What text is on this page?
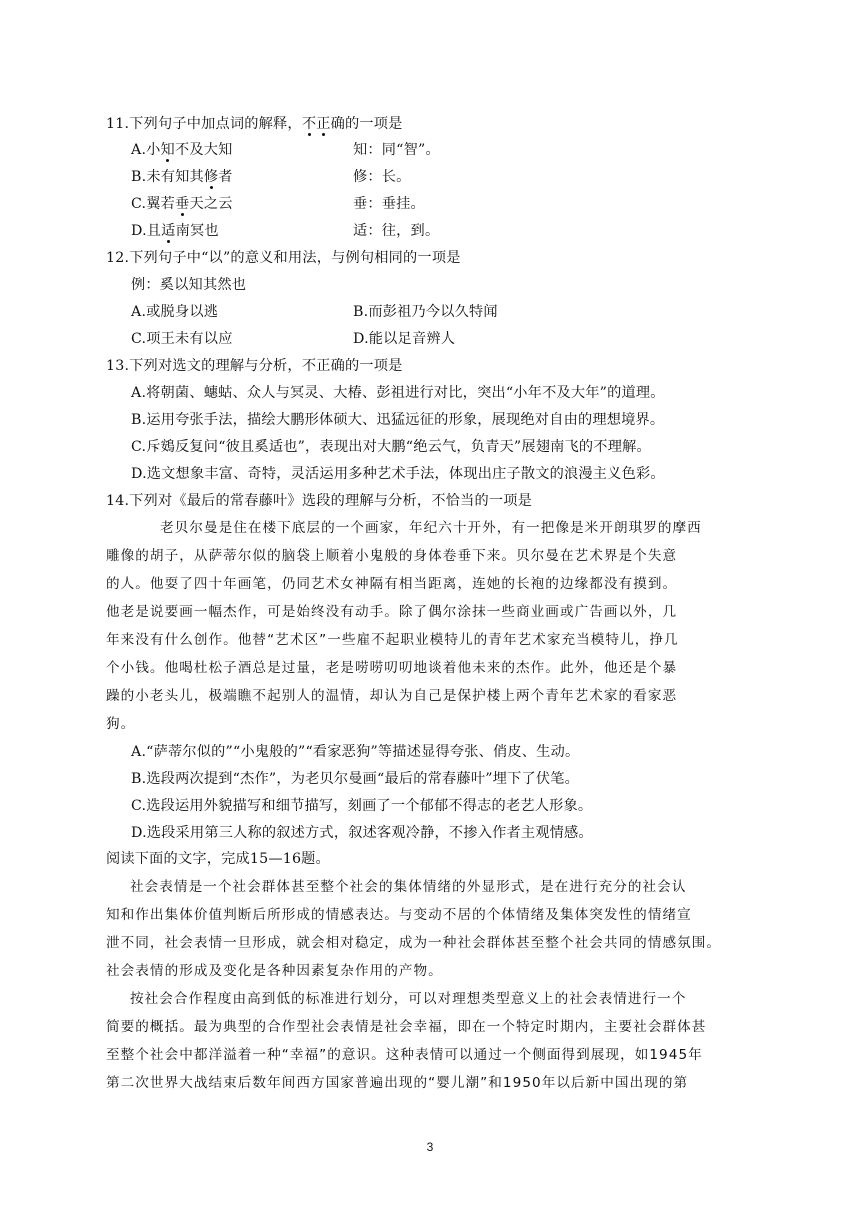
11.下列句子中加点词的解释，不正确的一项是
A.小知不及大知	知：同“智”。
B.未有知其修者	修：长。
C.翼若垂天之云	垂：垂挂。
D.且适南冥也	适：往，到。
12.下列句子中“以”的意义和用法，与例句相同的一项是
例：奚以知其然也
A.或脱身以逃	B.而彭祖乃今以久特闻
C.项王未有以应	D.能以足音辨人
13.下列对选文的理解与分析，不正确的一项是
A.将朝菌、蟪蛄、众人与冥灵、大椿、彭祖进行对比，突出“小年不及大年”的道理。
B.运用夸张手法，描绘大鹏形体硕大、迅猛远征的形象，展现绝对自由的理想境界。
C.斥鴳反复问“彼且奚适也”，表现出对大鹏“绝云气，负青天”展翅南飞的不理解。
D.选文想象丰富、奇特，灵活运用多种艺术手法，体现出庄子散文的浪漫主义色彩。
14.下列对《最后的常春藤叶》选段的理解与分析，不恰当的一项是
老贝尔曼是住在楼下底层的一个画家，年纪六十开外，有一把像是米开朗琪罗的摩西
雕像的胡子，从萨蒂尔似的脑袋上顺着小鬼般的身体卷垂下来。贝尔曼在艺术界是个失意
的人。他耍了四十年画笔，仍同艺术女神隔有相当距离，连她的长袍的边缘都没有摸到。
他老是说要画一幅杰作，可是始终没有动手。除了偶尔涂抹一些商业画或广告画以外，几
年来没有什么创作。他替“艺术区”一些雇不起职业模特儿的青年艺术家充当模特儿，挣几
个小钱。他喝杜松子酒总是过量，老是唠唠叨叨地谈着他未来的杰作。此外，他还是个暴
躁的小老头儿，极端瞧不起别人的温情，却认为自己是保护楼上两个青年艺术家的看家恶
狗。
A.“萨蒂尔似的”“小鬼般的”“看家恶狗”等描述显得夸张、俏皮、生动。
B.选段两次提到“杰作”，为老贝尔曼画“最后的常春藤叶”埋下了伏笔。
C.选段运用外貌描写和细节描写，刻画了一个郁郁不得志的老艺人形象。
D.选段采用第三人称的叙述方式，叙述客观冷静，不掺入作者主观情感。
阅读下面的文字，完成15—16题。
社会表情是一个社会群体甚至整个社会的集体情绪的外显形式，是在进行充分的社会认
知和作出集体价值判断后所形成的情感表达。与变动不居的个体情绪及集体突发性的情绪宣
泄不同，社会表情一旦形成，就会相对稳定，成为一种社会群体甚至整个社会共同的情感氛围。
社会表情的形成及变化是各种因素复杂作用的产物。
按社会合作程度由高到低的标准进行划分，可以对理想类型意义上的社会表情进行一个
简要的概括。最为典型的合作型社会表情是社会幸福，即在一个特定时期内，主要社会群体甚
至整个社会中都洋溢着一种“幸福”的意识。这种表情可以通过一个侧面得到展现，如1945年
第二次世界大战结束后数年间西方国家普遍出现的“婴儿潮”和1950年以后新中国出现的第
3
